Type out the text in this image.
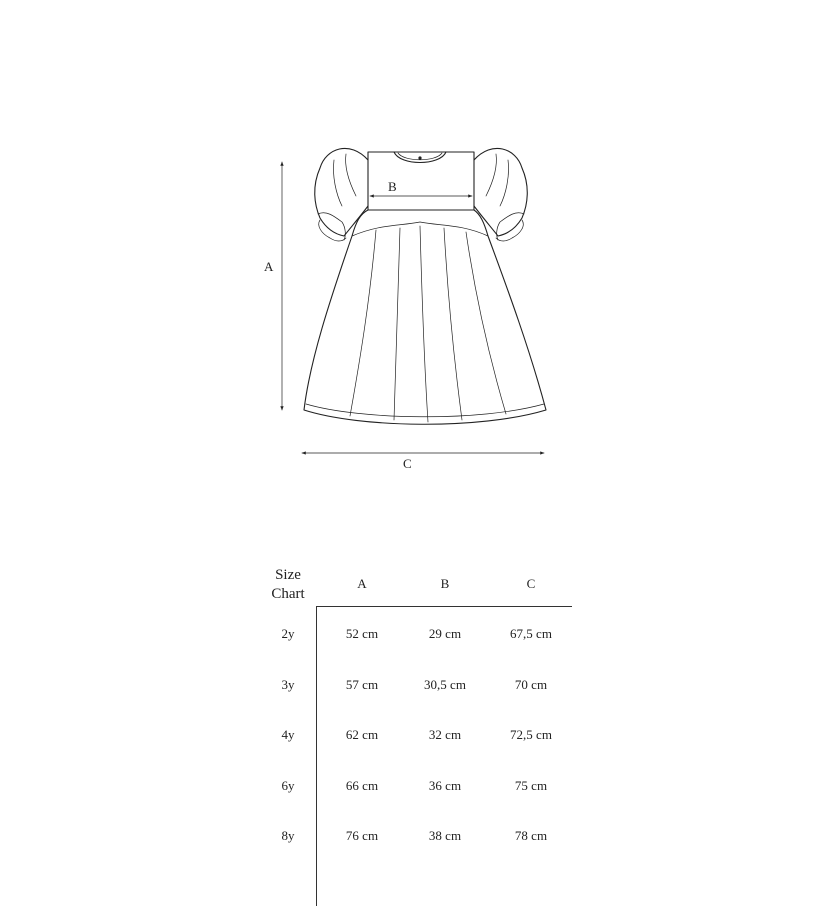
A
B
C
Size
Chart
A	B	C
2y	52 cm	29 cm	67,5 cm
3y	57 cm	30,5 cm	70 cm
4y	62 cm	32 cm	72,5 cm
6y	66 cm	36 cm	75 cm
8y	76 cm	38 cm	78 cm
